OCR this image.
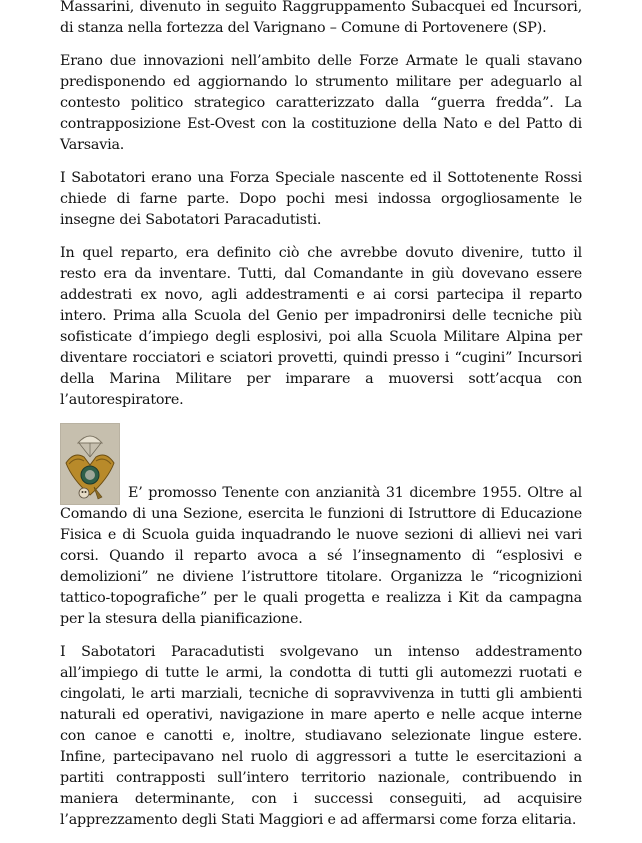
Massarini, divenuto in seguito Raggruppamento Subacquei ed Incursori, di stanza nella fortezza del Varignano – Comune di Portovenere (SP).

Erano due innovazioni nell’ambito delle Forze Armate le quali stavano predisponendo ed aggiornando lo strumento militare per adeguarlo al contesto politico strategico caratterizzato dalla “guerra fredda”. La contrapposizione Est-Ovest con la costituzione della Nato e del Patto di Varsavia.

I Sabotatori erano una Forza Speciale nascente ed il Sottotenente Rossi chiede di farne parte. Dopo pochi mesi indossa orgogliosamente le insegne dei Sabotatori Paracadutisti.

In quel reparto, era definito ciò che avrebbe dovuto divenire, tutto il resto era da inventare. Tutti, dal Comandante in giù dovevano essere addestrati ex novo, agli addestramenti e ai corsi partecipa il reparto intero. Prima alla Scuola del Genio per impadronirsi delle tecniche più sofisticate d’impiego degli esplosivi, poi alla Scuola Militare Alpina per diventare rocciatori e sciatori provetti, quindi presso i “cugini” Incursori della Marina Militare per imparare a muoversi sott’acqua con l’autorespiratore.

E’ promosso Tenente con anzianità 31 dicembre 1955. Oltre al Comando di una Sezione, esercita le funzioni di Istruttore di Educazione Fisica e di Scuola guida inquadrando le nuove sezioni di allievi nei vari corsi. Quando il reparto avoca a sé l’insegnamento di “esplosivi e demolizioni” ne diviene l’istruttore titolare. Organizza le “ricognizioni tattico-topografiche” per le quali progetta e realizza i Kit da campagna per la stesura della pianificazione.

I Sabotatori Paracadutisti svolgevano un intenso addestramento all’impiego di tutte le armi, la condotta di tutti gli automezzi ruotati e cingolati, le arti marziali, tecniche di sopravvivenza in tutti gli ambienti naturali ed operativi, navigazione in mare aperto e nelle acque interne con canoe e canotti e, inoltre, studiavano selezionate lingue estere. Infine, partecipavano nel ruolo di aggressori a tutte le esercitazioni a partiti contrapposti sull’intero territorio nazionale, contribuendo in maniera determinante, con i successi conseguiti, ad acquisire l’apprezzamento degli Stati Maggiori e ad affermarsi come forza elitaria.
